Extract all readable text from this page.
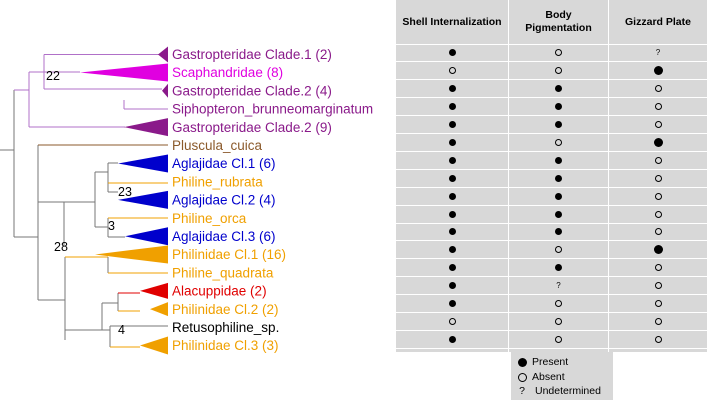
Gastropteridae Clade.1 (2)
Scaphandridae (8)
Gastropteridae Clade.2 (4)
Siphopteron_brunneomarginatum
Gastropteridae Clade.2 (9)
Pluscula_cuica
Aglajidae Cl.1 (6)
Philine_rubrata
Aglajidae Cl.2 (4)
Philine_orca
Aglajidae Cl.3 (6)
Philinidae Cl.1 (16)
Philine_quadrata
Alacuppidae (2)
Philinidae Cl.2 (2)
Retusophiline_sp.
Philinidae Cl.3 (3)
22
23
3
28
4
Shell Internalization
Body
Pigmentation
Gizzard Plate
?
?
Present
Absent
? Undetermined
